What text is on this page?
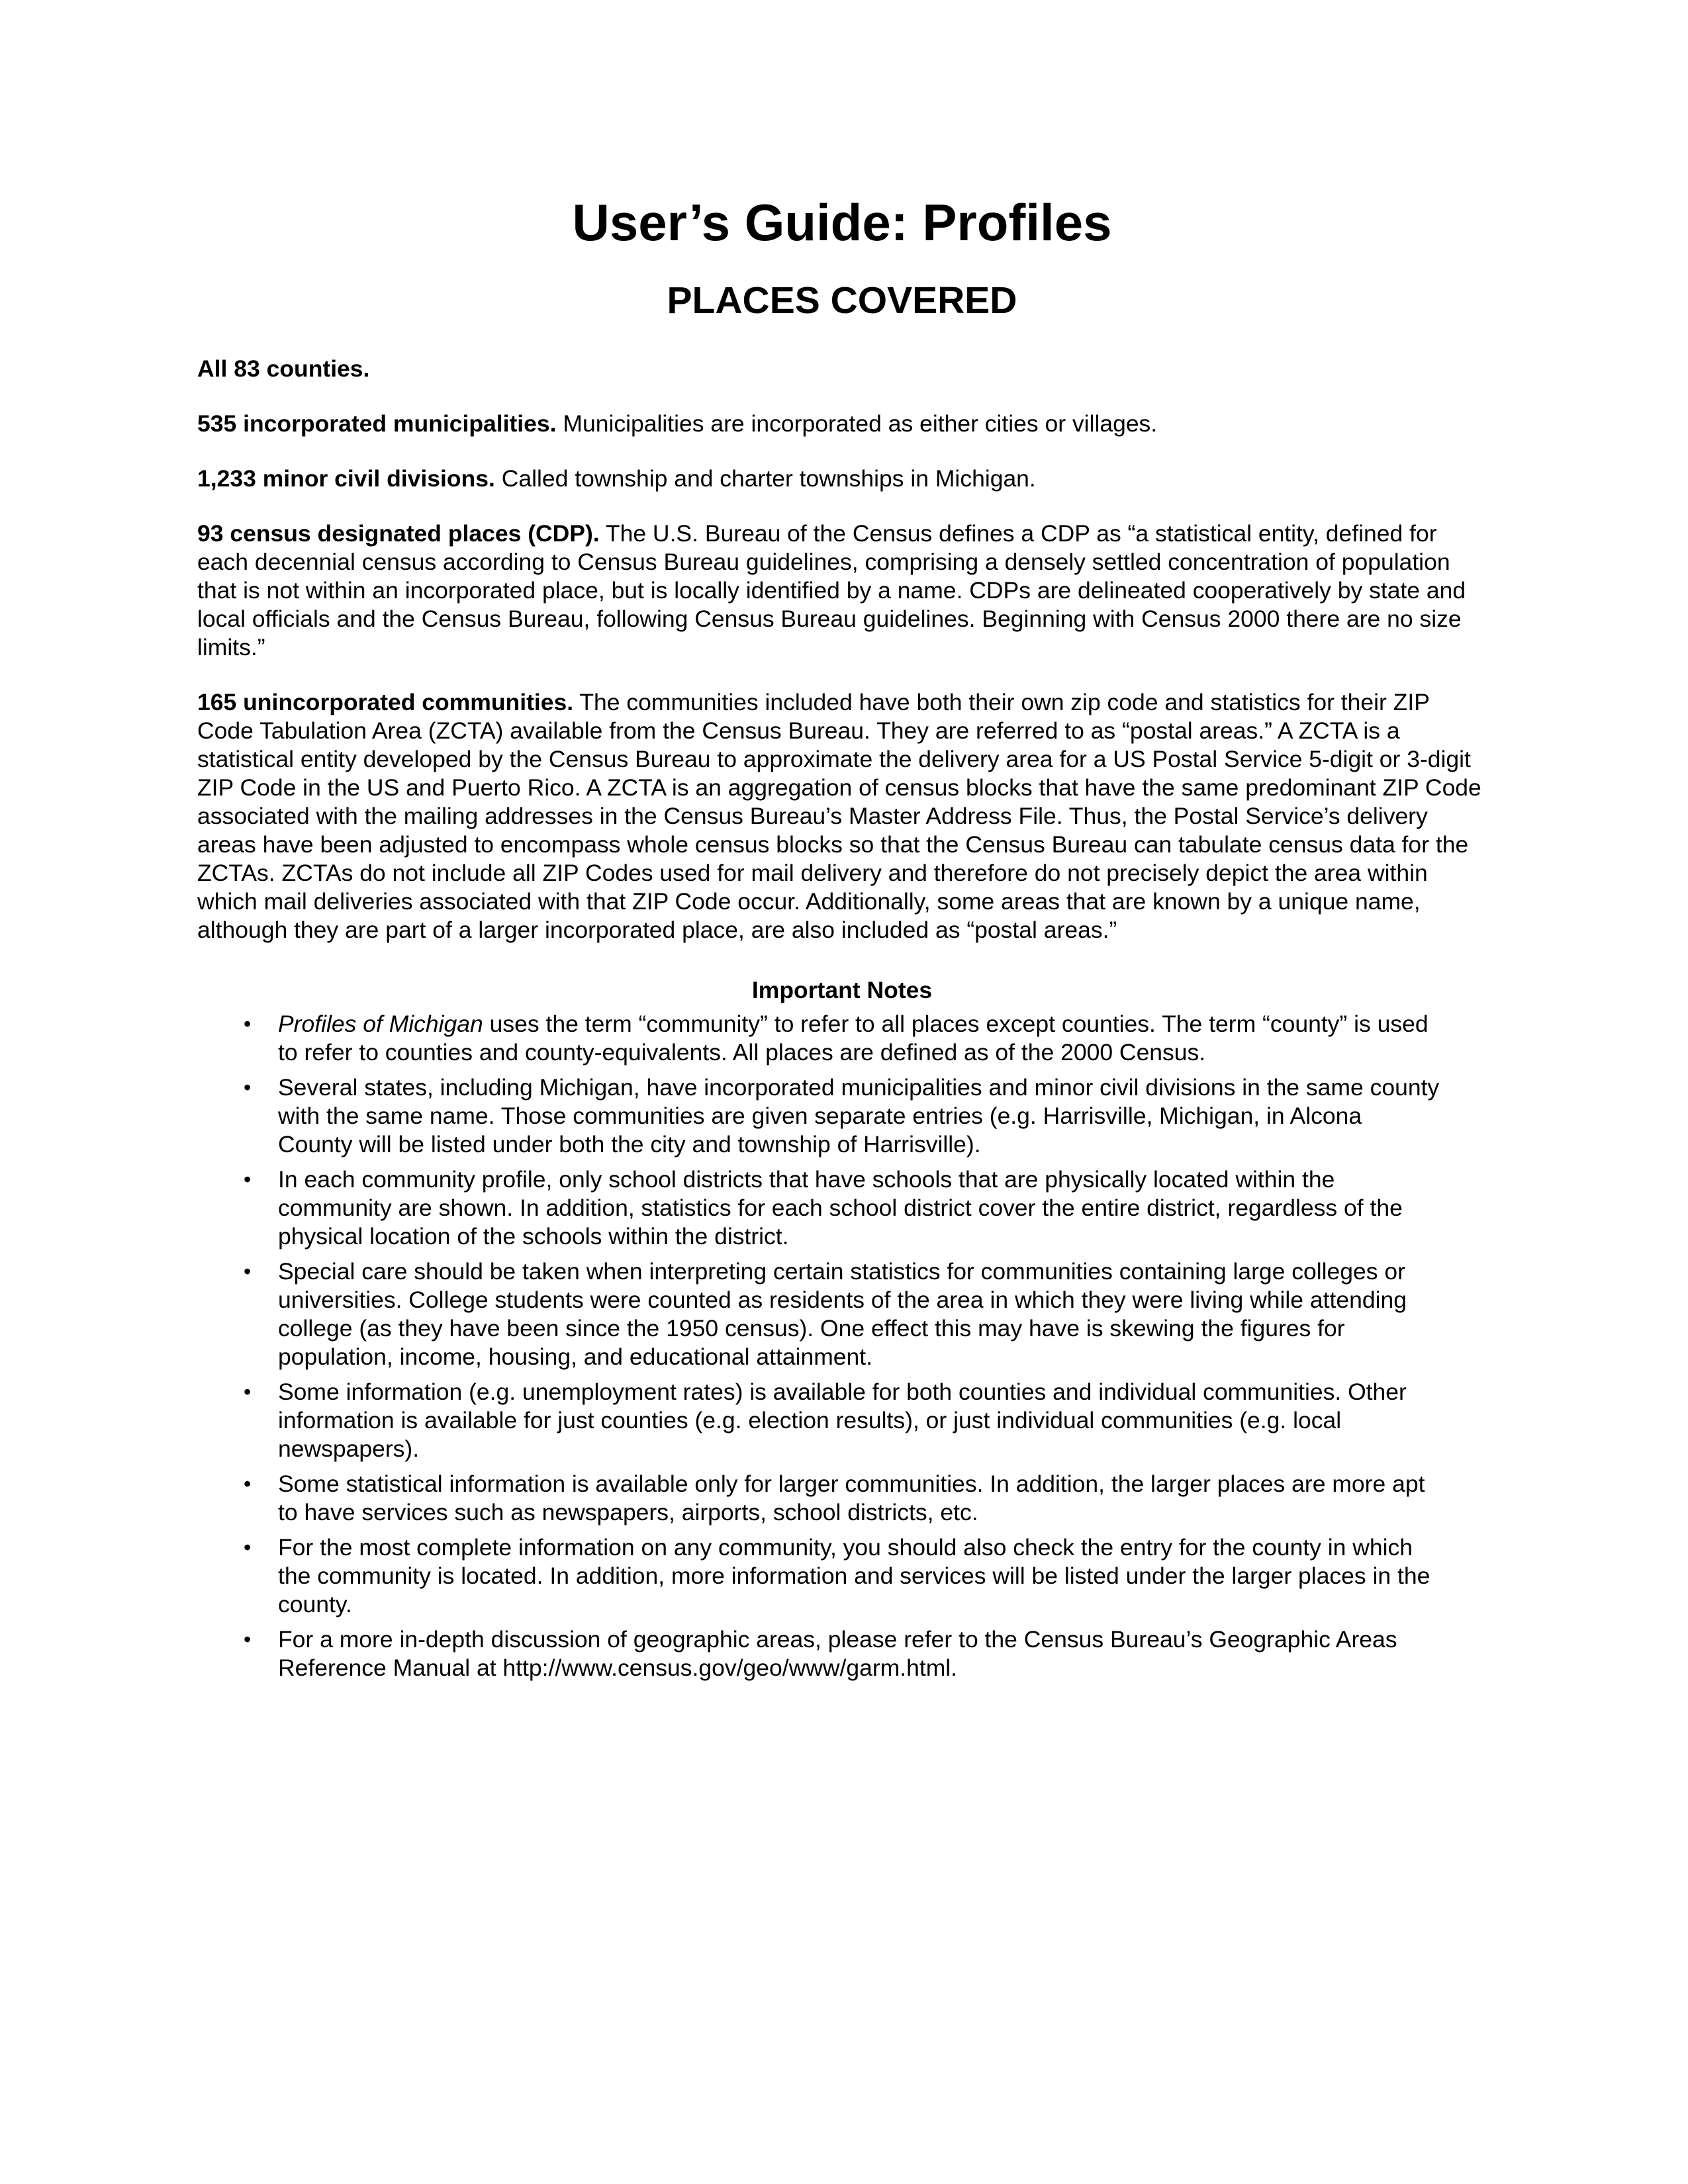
User’s Guide: Profiles
PLACES COVERED

All 83 counties.

535 incorporated municipalities. Municipalities are incorporated as either cities or villages.

1,233 minor civil divisions. Called township and charter townships in Michigan.

93 census designated places (CDP). The U.S. Bureau of the Census defines a CDP as “a statistical entity, defined for each decennial census according to Census Bureau guidelines, comprising a densely settled concentration of population that is not within an incorporated place, but is locally identified by a name. CDPs are delineated cooperatively by state and local officials and the Census Bureau, following Census Bureau guidelines. Beginning with Census 2000 there are no size limits.”

165 unincorporated communities. The communities included have both their own zip code and statistics for their ZIP Code Tabulation Area (ZCTA) available from the Census Bureau. They are referred to as “postal areas.” A ZCTA is a statistical entity developed by the Census Bureau to approximate the delivery area for a US Postal Service 5-digit or 3-digit ZIP Code in the US and Puerto Rico. A ZCTA is an aggregation of census blocks that have the same predominant ZIP Code associated with the mailing addresses in the Census Bureau’s Master Address File. Thus, the Postal Service’s delivery areas have been adjusted to encompass whole census blocks so that the Census Bureau can tabulate census data for the ZCTAs. ZCTAs do not include all ZIP Codes used for mail delivery and therefore do not precisely depict the area within which mail deliveries associated with that ZIP Code occur. Additionally, some areas that are known by a unique name, although they are part of a larger incorporated place, are also included as “postal areas.”

Important Notes
• Profiles of Michigan uses the term “community” to refer to all places except counties. The term “county” is used to refer to counties and county-equivalents. All places are defined as of the 2000 Census.
• Several states, including Michigan, have incorporated municipalities and minor civil divisions in the same county with the same name. Those communities are given separate entries (e.g. Harrisville, Michigan, in Alcona County will be listed under both the city and township of Harrisville).
• In each community profile, only school districts that have schools that are physically located within the community are shown. In addition, statistics for each school district cover the entire district, regardless of the physical location of the schools within the district.
• Special care should be taken when interpreting certain statistics for communities containing large colleges or universities. College students were counted as residents of the area in which they were living while attending college (as they have been since the 1950 census). One effect this may have is skewing the figures for population, income, housing, and educational attainment.
• Some information (e.g. unemployment rates) is available for both counties and individual communities. Other information is available for just counties (e.g. election results), or just individual communities (e.g. local newspapers).
• Some statistical information is available only for larger communities. In addition, the larger places are more apt to have services such as newspapers, airports, school districts, etc.
• For the most complete information on any community, you should also check the entry for the county in which the community is located. In addition, more information and services will be listed under the larger places in the county.
• For a more in-depth discussion of geographic areas, please refer to the Census Bureau’s Geographic Areas Reference Manual at http://www.census.gov/geo/www/garm.html.
